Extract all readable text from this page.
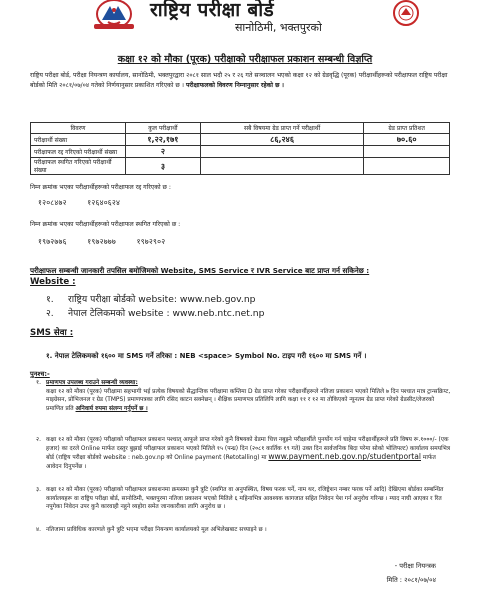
राष्ट्रिय परीक्षा बोर्ड
सानोठिमी, भक्तपुरको
कक्षा १२ को मौका (पूरक) परीक्षाको परीक्षाफल प्रकाशन सम्बन्धी विज्ञप्ति
राष्ट्रिय परीक्षा बोर्ड, परीक्षा नियन्त्रण कार्यालय, सानोठिमी, भक्तपुरद्वारा २०८१ साल भदौ २५ र २६ गते सञ्चालन भएको कक्षा १२ को ग्रेडवृद्धि (पूरक) परीक्षार्थीहरूको परीक्षाफल राष्ट्रिय परीक्षा बोर्डको मिति २०८१/०७/०४ गतेको निर्णयानुसार प्रकाशित गरिएको छ । परीक्षाफलको विवरण निम्नानुसार रहेको छ ।
विवरण	कुल परीक्षार्थी	सबै विषयमा ग्रेड प्राप्त गर्ने परीक्षार्थी	ग्रेड प्राप्त प्रतिशत
परीक्षार्थी संख्या	१,२२,१७१	८६,२४६	७०.६०
परीक्षाफल रद्द गरिएको परीक्षार्थी संख्या	२		
परीक्षाफल स्थगित गरिएको परीक्षार्थी संख्या	३		
निम्न क्रमांक भएका परीक्षार्थीहरूको परीक्षाफल रद्द गरिएको छ :
१२०८४७२	१२६४०६२४
निम्न क्रमांक भएका परीक्षार्थीहरूको परीक्षाफल स्थगित गरिएको छ :
१९७२७७६	१९७२७७७	१९७२९०२
परीक्षाफल सम्बन्धी जानकारी तपसिल बमोजिमको Website, SMS Service र IVR Service बाट प्राप्त गर्न सकिनेछ :
Website :
१. राष्ट्रिय परीक्षा बोर्डको website: www.neb.gov.np
२. नेपाल टेलिकमको website : www.neb.ntc.net.np
SMS सेवा :
१. नेपाल टेलिकमको १६०० मा SMS गर्ने तरिका : NEB <space> Symbol No. टाइप गरी १६०० मा SMS गर्ने ।
पुनश्च:-
१. प्रमाणपत्र उपलब्ध गराउने सम्बन्धी व्यवस्था:
कक्षा १२ को मौका (पूरक) परीक्षामा सहभागी भई प्रत्येक विषयको सैद्धान्तिक परीक्षामा कम्तिमा D ग्रेड प्राप्त गरेका परीक्षार्थीहरूले नतिजा प्रकाशन भएको मितिले ७ दिन पश्चात मात्र ट्रान्सक्रिप्ट, माइग्रेसन, प्रोभिजनल र ग्रेड (TMPS) प्रमाणपत्रका लागि रसिद काटन सक्नेछन् । शैक्षिक प्रमाणपत्र प्रतिलिपि लागि कक्षा ११ र १२ मा तोकिएको न्यूनतम ग्रेड प्राप्त गरेको ग्रेडसीट/लेजरको प्रमाणित प्रति अनिवार्य रुपमा संलग्न गर्नुपर्ने छ ।
२. कक्षा १२ को मौका (पूरक) परीक्षाको परीक्षाफल प्रकाशन पश्चात् आफूले प्राप्त गरेको कुनै विषयको ग्रेडमा चित्त नबुझ्ने परीक्षार्थीले पुनर्योग गर्न चाहेमा परीक्षार्थीहरूले प्रति विषय रू.१०००/- (एक हजार) का दरले Online मार्फत दस्तुर बुझाई परीक्षाफल प्रकाशन भएको मितिले १५ (पन्ध्र) दिन (२०८१ कार्तिक १९ गते) उक्त दिन सार्वजनिक बिदा परेमा सोको भोलिपल्ट) कार्यालय समयभित्र बोर्ड (राष्ट्रिय परीक्षा बोर्डको website : neb.gov.np को Online payment (Retotalling) मा www.payment.neb.gov.np/studentportal मार्फत आवेदन दिनुपर्नेछ ।
३. कक्षा १२ को मौका (पूरक) परीक्षाको परीक्षाफल प्रकाशनमा क्रमसमा कुनै त्रुटि (स्थगित वा अनुपस्थित, विषय फरक पर्ने, नाम थर, रजिष्ट्रेशन नम्बर फरक पर्ने आदि) देखिएमा बोर्डका सम्बन्धित कार्यालयहरू वा राष्ट्रिय परीक्षा बोर्ड, सानोठिमी, भक्तपुरमा नतिजा प्रकाशन भएको मितिले ६ महिनाभित्र आवश्यक कागजात सहित निवेदन पेश गर्न अनुरोध गरिन्छ । म्याद नाघी आएका र रित नपुगेका निवेदन उपर कुनै कारवाही नहुने व्यहोरा समेत जानकारीका लागि अनुरोध छ ।
४. नतिजामा प्राविधिक कारणले कुनै त्रुटि भएमा परीक्षा नियन्त्रण कार्यालयको मूल अभिलेखबाट सच्याइने छ ।
- परीक्षा नियन्त्रक
मिति : २०८१/०७/०४
